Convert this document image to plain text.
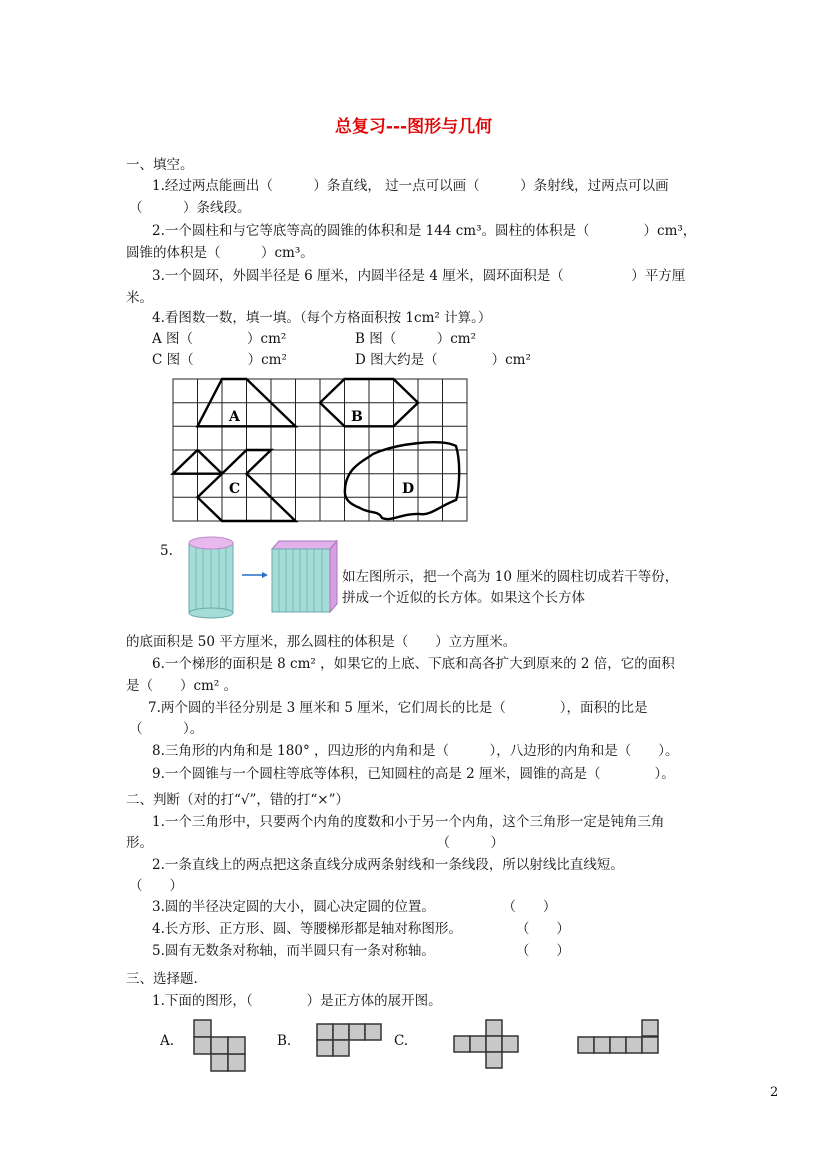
总复习---图形与几何
一、填空。
1.经过两点能画出（　　　）条直线， 过一点可以画（　　　）条射线，过两点可以画
（　　　）条线段。
2.一个圆柱和与它等底等高的圆锥的体积和是 144 cm³。圆柱的体积是（　　　　）cm³，
圆锥的体积是（　　　）cm³。
3.一个圆环，外圆半径是 6 厘米，内圆半径是 4 厘米，圆环面积是（　　　　　）平方厘
米。
4.看图数一数，填一填。（每个方格面积按 1cm² 计算。）
A 图（　　　　）cm²	B 图（　　　）cm²
C 图（　　　　）cm²	D 图大约是（　　　　）cm²
A	B
C	D
5.
如左图所示，把一个高为 10 厘米的圆柱切成若干等份，
拼成一个近似的长方体。如果这个长方体
的底面积是 50 平方厘米，那么圆柱的体积是（　　）立方厘米。
6.一个梯形的面积是 8 cm² ，如果它的上底、下底和高各扩大到原来的 2 倍，它的面积
是（　　）cm² 。
7.两个圆的半径分别是 3 厘米和 5 厘米，它们周长的比是（　　　　），面积的比是
（　　　）。
8.三角形的内角和是 180° ，四边形的内角和是（　　　），八边形的内角和是（　　）。
9.一个圆锥与一个圆柱等底等体积，已知圆柱的高是 2 厘米，圆锥的高是（　　　　）。
二、判断（对的打“√”，错的打“×”）
1.一个三角形中，只要两个内角的度数和小于另一个内角，这个三角形一定是钝角三角
形。　　　　　　　　　　　　　　　　　　　　　　（　　　）
2.一条直线上的两点把这条直线分成两条射线和一条线段，所以射线比直线短。
（　　）
3.圆的半径决定圆的大小，圆心决定圆的位置。　　　　　　（　　）
4.长方形、正方形、圆、等腰梯形都是轴对称图形。　　　　　（　　）
5.圆有无数条对称轴，而半圆只有一条对称轴。　　　　　　　（　　）
三、选择题.
1.下面的图形，（　　　　）是正方体的展开图。
A.	B.	C.
2
